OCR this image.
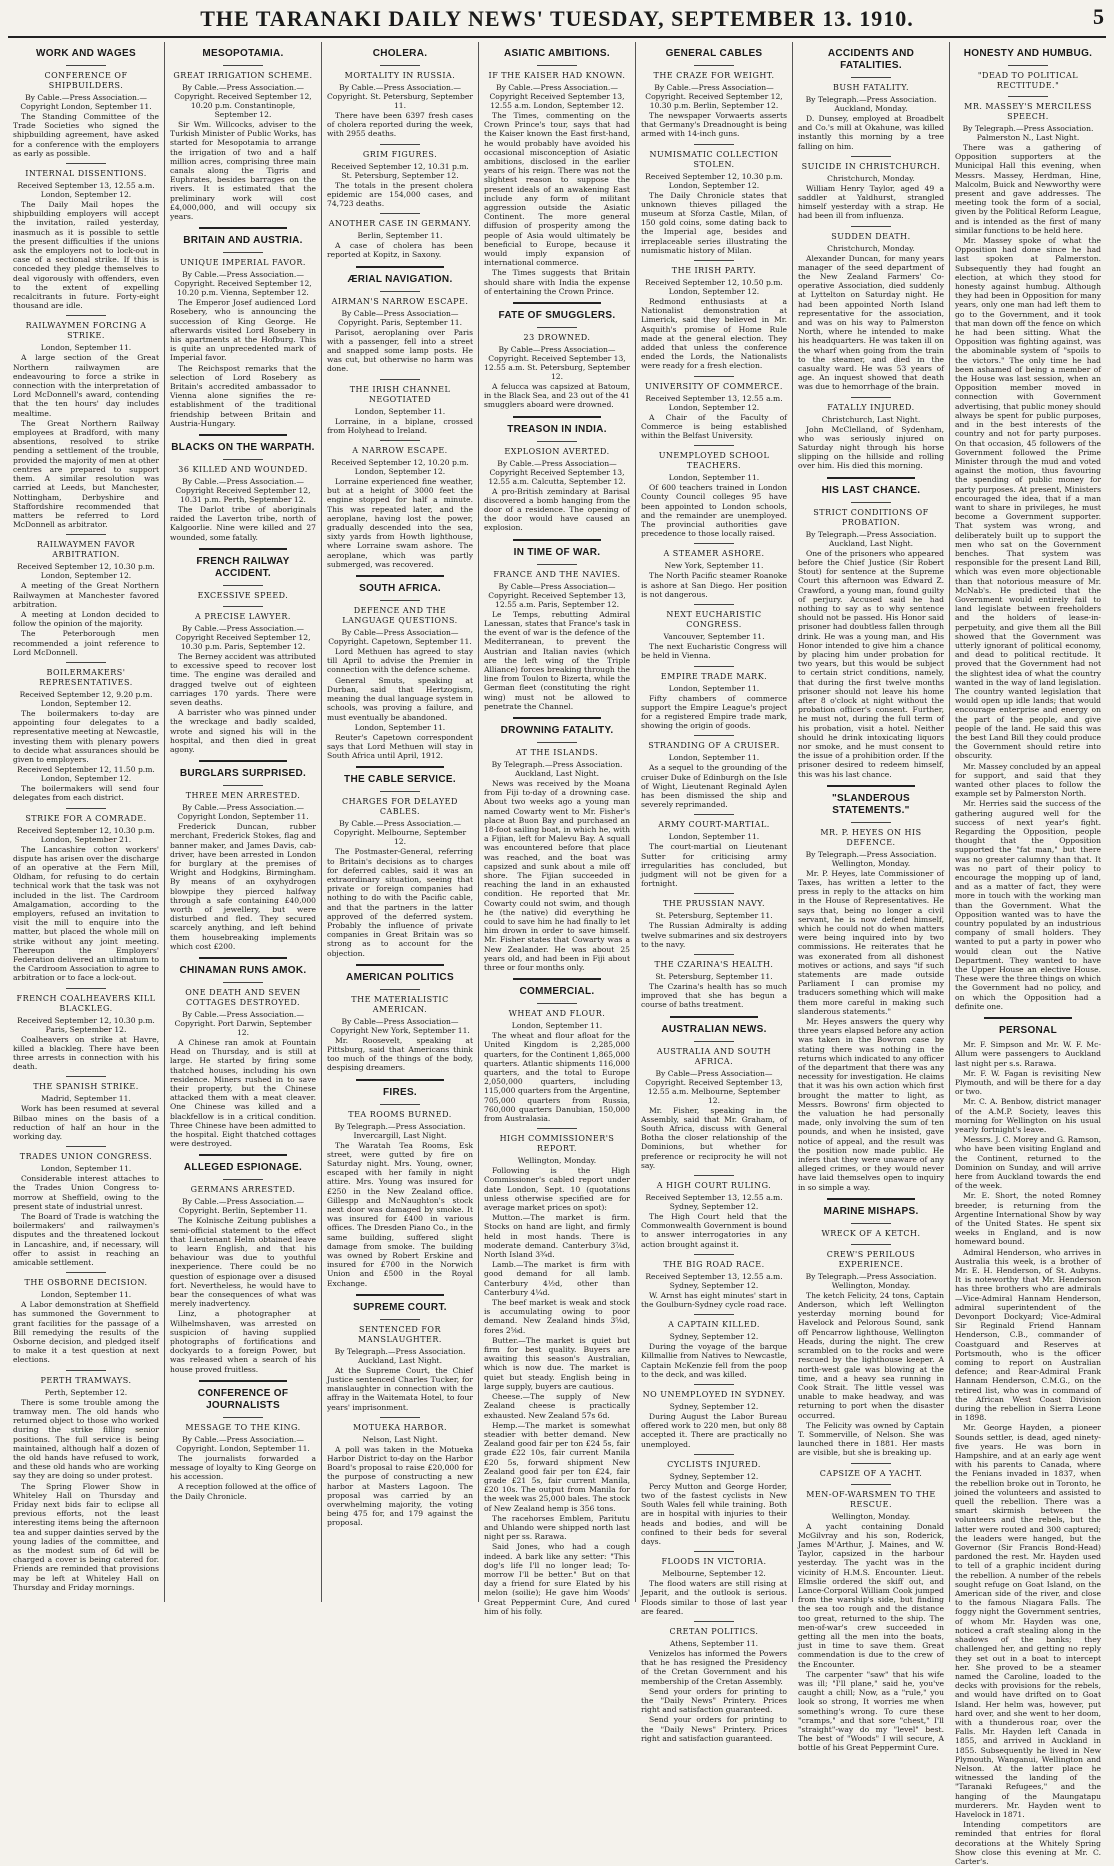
THE TARANAKI DAILY NEWS' TUESDAY, SEPTEMBER 13. 1910.	5
WORK AND WAGES
CONFERENCE OF SHIPBUILDERS.
By Cable.—Press Association.—Copyright London, September 11.
The Standing Committee of the Trade Societies who signed the shipbuilding agreement, have asked for a conference with the employers as early as possible.
INTERNAL DISSENTIONS.
Received September 13, 12.55 a.m. London, September 12.
The Daily Mail hopes the shipbuilding employers will accept the invitation, railed yesterday, inasmuch as it is possible to settle the present difficulties if the unions ask the employers not to lock-out in case of a sectional strike. If this is conceded they pledge themselves to deal vigorously with offenders, even to the extent of expelling recalcitrants in future. Forty-eight thousand are idle.
RAILWAYMEN FORCING A STRIKE.
London, September 11.
A large section of the Great Northern railwaymen are endeavouring to force a strike in connection with the interpretation of Lord McDonnell's award, contending that the ten hours' day includes mealtime.
The Great Northern Railway employees at Bradford, with many absentions, resolved to strike pending a settlement of the trouble, provided the majority of men at other centres are prepared to support them. A similar resolution was carried at Leeds, but Manchester, Nottingham, Derbyshire and Staffordshire recommended that matters be referred to Lord McDonnell as arbitrator.
RAILWAYMEN FAVOR ARBITRATION.
Received September 12, 10.30 p.m. London, September 12.
A meeting of the Great Northern Railwaymen at Manchester favored arbitration.
A meeting at London decided to follow the opinion of the majority.
The Peterborough men recommended a joint reference to Lord McDonnell.
BOILERMAKERS' REPRESENTATIVES.
Received September 12, 9.20 p.m. London, September 12.
The boilermakers to-day are appointing four delegates to a representative meeting at Newcastle, investing them with plenary powers to decide what assurances should be given to employers.
Received September 12, 11.50 p.m. London, September 12.
The boilermakers will send four delegates from each district.
STRIKE FOR A COMRADE.
Received September 12, 10.30 p.m. London, September 21.
The Lancashire cotton workers' dispute has arisen over the discharge of an operative at the Fern Mill, Oldham, for refusing to do certain technical work that the task was not included in the list. The Cardroom Amalgamation, according to the employers, refused an invitation to visit the mill to enquire into the matter, but placed the whole mill on strike without any joint meeting. Thereupon the Employers' Federation delivered an ultimatum to the Cardroom Association to agree to arbitration or to face a lock-out.
FRENCH COALHEAVERS KILL BLACKLEG.
Received September 12, 10.30 p.m. Paris, September 12.
Coalheavers on strike at Havre, killed a blackleg. There have been three arrests in connection with his death.
THE SPANISH STRIKE.
Madrid, September 11.
Work has been resumed at several Bilbao mines on the basis of a reduction of half an hour in the working day.
TRADES UNION CONGRESS.
London, September 11.
Considerable interest attaches to the Trades Union Congress to-morrow at Sheffield, owing to the present state of industrial unrest.
The Board of Trade is watching the boilermakers' and railwaymen's disputes and the threatened lockout in Lancashire, and, if necessary, will offer to assist in reaching an amicable settlement.
THE OSBORNE DECISION.
London, September 11.
A Labor demonstration at Sheffield has summoned the Government to grant facilities for the passage of a Bill remedying the results of the Osborne decision, and pledged itself to make it a test question at next elections.
PERTH TRAMWAYS.
Perth, September 12.
There is some trouble among the tramway men. The old hands who returned object to those who worked during the strike filling senior positions. The full service is being maintained, although half a dozen of the old hands have refused to work, and these old hands who are working say they are doing so under protest.
The Spring Flower Show in Whiteley Hall on Thursday and Friday next bids fair to eclipse all previous efforts, not the least interesting items being the afternoon tea and supper dainties served by the young ladies of the committee, and as the modest sum of 6d will be charged a cover is being catered for. Friends are reminded that provisions may be left at Whiteley Hall on Thursday and Friday mornings.
MESOPOTAMIA.
GREAT IRRIGATION SCHEME.
By Cable.—Press Association.—Copyright. Received September 12, 10.20 p.m. Constantinople, September 12.
Sir Wm. Willcocks, adviser to the Turkish Minister of Public Works, has started for Mesopotamia to arrange the irrigation of two and a half million acres, comprising three main canals along the Tigris and Euphrates, besides barrages on the rivers. It is estimated that the preliminary work will cost £4,000,000, and will occupy six years.
BRITAIN AND AUSTRIA.
UNIQUE IMPERIAL FAVOR.
By Cable.—Press Association.—Copyright. Received September 12, 10.20 p.m. Vienna, September 12.
The Emperor Josef audienced Lord Rosebery, who is announcing the succession of King George. He afterwards visited Lord Rosebery in his apartments at the Hofburg. This is quite an unprecedented mark of Imperial favor.
The Reichspost remarks that the selection of Lord Rosebery as Britain's accredited ambassador to Vienna alone signifies the re-establishment of the traditional friendship between Britain and Austria-Hungary.
BLACKS ON THE WARPATH.
36 KILLED AND WOUNDED.
By Cable.—Press Association.—Copyright Received September 12, 10.31 p.m. Perth, September 12.
The Darlot tribe of aboriginals raided the Laverton tribe, north of Kalgoorlie. Nine were killed and 27 wounded, some fatally.
FRENCH RAILWAY ACCIDENT.
EXCESSIVE SPEED.
A PRECISE LAWYER.
By Cable.—Press Association.—Copyright Received September 12, 10.30 p.m. Paris, September 12.
The Berney accident was attributed to excessive speed to recover lost time. The engine was derailed and dragged twelve out of eighteen carriages 170 yards. There were seven deaths.
A barrister who was pinned under the wreckage and badly scalded, wrote and signed his will in the hospital, and then died in great agony.
BURGLARS SURPRISED.
THREE MEN ARRESTED.
By Cable.—Press Association.—Copyright London, September 11.
Frederick Duncan, rubber merchant, Frederick Stokes, flag and banner maker, and James Davis, cab-driver, have been arrested in London for burglary at the premises of Wright and Hodgkins, Birmingham. By means of an oxyhydrogen blowpipe they pierced halfway through a safe containing £40,000 worth of jewellery, but were disturbed and fled. They secured scarcely anything, and left behind them housebreaking implements which cost £200.
CHINAMAN RUNS AMOK.
ONE DEATH AND SEVEN COTTAGES DESTROYED.
By Cable.—Press Association.—Copyright. Port Darwin, September 12.
A Chinese ran amok at Fountain Head on Thursday, and is still at large. He started by firing some thatched houses, including his own residence. Miners rushed in to save their property, but the Chinese attacked them with a meat cleaver. One Chinese was killed and a blackfellow is in a critical condition. Three Chinese have been admitted to the hospital. Eight thatched cottages were destroyed.
ALLEGED ESPIONAGE.
GERMANS ARRESTED.
By Cable.—Press Association.—Copyright. Berlin, September 11.
The Kolnische Zeitung publishes a semi-official statement to the effect that Lieutenant Helm obtained leave to learn English, and that his behaviour was due to youthful inexperience. There could be no question of espionage over a disused fort. Nevertheless, he would have to bear the consequences of what was merely inadvertency.
Linz, a photographer at Wilhelmshaven, was arrested on suspicion of having supplied photographs of fortifications and dockyards to a foreign Power, but was released when a search of his house proved fruitless.
CONFERENCE OF JOURNALISTS
MESSAGE TO THE KING.
By Cable.—Press Association.—Copyright. London, September 11.
The journalists forwarded a message of loyalty to King George on his accession.
A reception followed at the office of the Daily Chronicle.
CHOLERA.
MORTALITY IN RUSSIA.
By Cable.—Press Association.—Copyright. St. Petersburg, September 11.
There have been 6397 fresh cases of cholera reported during the week, with 2955 deaths.
GRIM FIGURES.
Received September 12, 10.31 p.m. St. Petersburg, September 12.
The totals in the present cholera epidemic are 154,000 cases, and 74,723 deaths.
ANOTHER CASE IN GERMANY.
Berlin, September 11.
A case of cholera has been reported at Kopitz, in Saxony.
ÆRIAL NAVIGATION.
AIRMAN'S NARROW ESCAPE.
By Cable—Press Association—Copyright. Paris, September 11.
Parisot, aeroplaning over Paris with a passenger, fell into a street and snapped some lamp posts. He was cut, but otherwise no harm was done.
THE IRISH CHANNEL NEGOTIATED
London, September 11.
Lorraine, in a biplane, crossed from Holyhead to Ireland.
A NARROW ESCAPE.
Received September 12, 10.20 p.m. London, September 12.
Lorraine experienced fine weather, but at a height of 3000 feet the engine stopped for half a minute. This was repeated later, and the aeroplane, having lost the power, gradually descended into the sea, sixty yards from Howth lighthouse, where Lorraine swam ashore. The aeroplane, which was partly submerged, was recovered.
SOUTH AFRICA.
DEFENCE AND THE LANGUAGE QUESTIONS.
By Cable—Press Association—Copyright. Capetown, September 11.
Lord Methuen has agreed to stay till April to advise the Premier in connection with the defence scheme.
General Smuts, speaking at Durban, said that Hertzogism, meaning the dual language system in schools, was proving a failure, and must eventually be abandoned.
London, September 11.
Reuter's Capetown correspondent says that Lord Methuen will stay in South Africa until April, 1912.
THE CABLE SERVICE.
CHARGES FOR DELAYED CABLES.
By Cable.—Press Association.—Copyright. Melbourne, September 12.
The Postmaster-General, referring to Britain's decisions as to charges for deferred cables, said it was an extraordinary situation, seeing that private or foreign companies had nothing to do with the Pacific cable, and that the partners in the latter approved of the deferred system. Probably the influence of private companies in Great Britain was so strong as to account for the objection.
AMERICAN POLITICS
THE MATERIALISTIC AMERICAN.
By Cable—Press Association—Copyright New York, September 11.
Mr. Roosevelt, speaking at Pittsburg, said that Americans think too much of the things of the body, despising dreamers.
FIRES.
TEA ROOMS BURNED.
By Telegraph.—Press Association. Invercargill, Last Night.
The Waratah Tea Rooms, Esk street, were gutted by fire on Saturday night. Mrs. Young, owner, escaped with her family in night attire. Mrs. Young was insured for £250 in the New Zealand office. Gillespp and McNaughton's stock next door was damaged by smoke. It was insured for £400 in various offices. The Dresden Piano Co., in the same building, suffered slight damage from smoke. The building was owned by Robert Erskine and insured for £700 in the Norwich Union and £500 in the Royal Exchange.
SUPREME COURT.
SENTENCED FOR MANSLAUGHTER.
By Telegraph.—Press Association. Auckland, Last Night.
At the Supreme Court, the Chief Justice sentenced Charles Tucker, for manslaughter in connection with the affray in the Waitemata Hotel, to four years' imprisonment.
MOTUEKA HARBOR.
Nelson, Last Night.
A poll was taken in the Motueka Harbor District to-day on the Harbor Board's proposal to raise £20,000 for the purpose of constructing a new harbor at Masters Lagoon. The proposal was carried by an overwhelming majority, the voting being 475 for, and 179 against the proposal.
ASIATIC AMBITIONS.
IF THE KAISER HAD KNOWN.
By Cable.—Press Association.—Copyright Received September 13, 12.55 a.m. London, September 12.
The Times, commenting on the Crown Prince's tour, says that had the Kaiser known the East first-hand, he would probably have avoided his occasional misconception of Asiatic ambitions, disclosed in the earlier years of his reign. There was not the slightest reason to suppose the present ideals of an awakening East include any form of militant aggression outside the Asiatic Continent. The more general diffusion of prosperity among the people of Asia would ultimately be beneficial to Europe, because it would imply expansion of international commerce.
The Times suggests that Britain should share with India the expense of entertaining the Crown Prince.
FATE OF SMUGGLERS.
23 DROWNED.
By Cable—Press Association—Copyright. Received September 13, 12.55 a.m. St. Petersburg, September 12.
A felucca was capsized at Batoum, in the Black Sea, and 23 out of the 41 smugglers aboard were drowned.
TREASON IN INDIA.
EXPLOSION AVERTED.
By Cable.—Press Association—Copyright Received September 13, 12.55 a.m. Calcutta, September 12.
A pro-British zemindary at Barisal discovered a bomb hanging from the door of a residence. The opening of the door would have caused an explosion.
IN TIME OF WAR.
FRANCE AND THE NAVIES.
By Cable—Press Association—Copyright. Received September 13, 12.55 a.m. Paris, September 12.
Le Temps, rebutting Admiral Lanessan, states that France's task in the event of war is the defence of the Mediterranean, to prevent the Austrian and Italian navies (which are the left wing of the Triple Alliance) forces breaking through the line from Toulon to Bizerta, while the German fleet (constituting the right wing) must not be allowed to penetrate the Channel.
DROWNING FATALITY.
AT THE ISLANDS.
By Telegraph.—Press Association. Auckland, Last Night.
News was received by the Moana from Fiji to-day of a drowning case. About two weeks ago a young man named Cowarty went to Mr. Fisher's place at Buon Bay and purchased an 18-foot sailing boat, in which he, with a Fijian, left for Malevu Bay. A squall was encountered before that place was reached, and the boat was capsized and sunk about a mile off shore. The Fijian succeeded in reaching the land in an exhausted condition. He reported that Mr. Cowarty could not swim, and though he (the native) did everything he could to save him he had finally to let him drown in order to save himself. Mr. Fisher states that Cowarty was a New Zealander. He was about 25 years old, and had been in Fiji about three or four months only.
COMMERCIAL.
WHEAT AND FLOUR.
London, September 11.
The wheat and flour afloat for the United Kingdom is 2,285,000 quarters, for the Continent 1,865,000 quarters. Atlantic shipments 116,000 quarters, and the total to Europe 2,050,000 quarters, including 115,000 quarters from the Argentine, 705,000 quarters from Russia, 760,000 quarters Danubian, 150,000 from Australasia.
HIGH COMMISSIONER'S REPORT.
Wellington, Monday.
Following is the High Commissioner's cabled report under date London, Sept. 10 (quotations unless otherwise specified are for average market prices on spot):
Mutton.—The market is firm. Stocks on hand are light, and firmly held in most hands. There is moderate demand. Canterbury 3⅞d, North Island 3¾d.
Lamb.—The market is firm with good demand for all lamb. Canterbury 4½d, other than Canterbury 4¼d.
The beef market is weak and stock is accumulating owing to poor demand. New Zealand hinds 3⅝d, fores 2⅝d.
Butter.—The market is quiet but firm for best quality. Buyers are awaiting this season's Australian, which is now due. The market is quiet but steady. English being in large supply, buyers are cautious.
Cheese.—The supply of New Zealand cheese is practically exhausted. New Zealand 57s 6d.
Hemp.—The market is somewhat steadier with better demand. New Zealand good fair per ton £24 5s, fair grade £22 10s, fair current Manila £20 5s, forward shipment New Zealand good fair per ton £24, fair grade £21 5s, fair current Manila, £20 10s. The output from Manila for the week was 25,000 bales. The stock of New Zealand hemp is 356 tons.
The racehorses Emblem, Paritutu and Uhlando were shipped north last night per ss. Rarawa.
Said Jones, who had a cough indeed. A bark like any setter: "This dog's life I'll no longer lead; To-morrow I'll be better." But on that day a friend for sure Elated by his melon (soilie); He gave him Woods' Great Peppermint Cure, And cured him of his folly.
GENERAL CABLES
THE CRAZE FOR WEIGHT.
By Cable.—Press Association—Copyright. Received September 12, 10.30 p.m. Berlin, September 12.
The newspaper Vorwaerts asserts that Germany's Dreadnought is being armed with 14-inch guns.
NUMISMATIC COLLECTION STOLEN.
Received September 12, 10.30 p.m. London, September 12.
The Daily Chronicle states that unknown thieves pillaged the museum at Sforza Castle, Milan, of 150 gold coins, some dating back to the Imperial age, besides and irreplaceable series illustrating the numismatic history of Milan.
THE IRISH PARTY.
Received September 12, 10.50 p.m. London, September 12.
Redmond enthusiasts at a Nationalist demonstration at Limerick, said they believed in Mr. Asquith's promise of Home Rule made at the general election. They added that unless the conference ended the Lords, the Nationalists were ready for a fresh election.
UNIVERSITY OF COMMERCE.
Received September 13, 12.55 a.m. London, September 12.
A Chair of the Faculty of Commerce is being established within the Belfast University.
UNEMPLOYED SCHOOL TEACHERS.
London, September 11.
Of 600 teachers trained in London County Council colleges 95 have been appointed to London schools, and the remainder are unemployed. The provincial authorities gave precedence to those locally raised.
A STEAMER ASHORE.
New York, September 11.
The North Pacific steamer Roanoke is ashore at San Diego. Her position is not dangerous.
NEXT EUCHARISTIC CONGRESS.
Vancouver, September 11.
The next Eucharistic Congress will be held in Vienna.
EMPIRE TRADE MARK.
London, September 11.
Fifty chambers of commerce support the Empire League's project for a registered Empire trade mark, showing the origin of goods.
STRANDING OF A CRUISER.
London, September 11.
As a sequel to the grounding of the cruiser Duke of Edinburgh on the Isle of Wight, Lieutenant Reginald Aylen has been dismissed the ship and severely reprimanded.
ARMY COURT-MARTIAL.
London, September 11.
The court-martial on Lieutenant Sutter for criticising army irregularities has concluded, but judgment will not be given for a fortnight.
THE PRUSSIAN NAVY.
St. Petersburg, September 11.
The Russian Admiralty is adding twelve submarines and six destroyers to the navy.
THE CZARINA'S HEALTH.
St. Petersburg, September 11.
The Czarina's health has so much improved that she has begun a course of baths treatment.
AUSTRALIAN NEWS.
AUSTRALIA AND SOUTH AFRICA.
By Cable—Press Association—Copyright. Received September 13, 12.55 a.m. Melbourne, September 12.
Mr. Fisher, speaking in the Assembly, said that Mr. Graham, of South Africa, discuss with General Botha the closer relationship of the Dominions, but whether for preference or reciprocity he will not say.
A HIGH COURT RULING.
Received September 13, 12.55 a.m. Sydney, September 12.
The High Court held that the Commonwealth Government is bound to answer interrogatories in any action brought against it.
THE BIG ROAD RACE.
Received September 13, 12.55 a.m. Sydney, September 12.
W. Arnst has eight minutes' start in the Goulburn-Sydney cycle road race.
A CAPTAIN KILLED.
Sydney, September 12.
During the voyage of the barque Killmallie from Natives to Newcastle, Captain McKenzie fell from the poop to the deck, and was killed.
NO UNEMPLOYED IN SYDNEY.
Sydney, September 12.
During August the Labor Bureau offered work to 220 men, but only 88 accepted it. There are practically no unemployed.
CYCLISTS INJURED.
Sydney, September 12.
Percy Mutton and George Horder, two of the fastest cyclists in New South Wales fell while training. Both are in hospital with injuries to their heads and bodies, and will be confined to their beds for several days.
FLOODS IN VICTORIA.
Melbourne, September 12.
The flood waters are still rising at Jeparit, and the outlook is serious. Floods similar to those of last year are feared.
CRETAN POLITICS.
Athens, September 11.
Venizelos has informed the Powers that he has resigned the Presidency of the Cretan Government and his membership of the Cretan Assembly.
Send your orders for printing to the "Daily News" Printery. Prices right and satisfaction guaranteed.
Send your orders for printing to the "Daily News" Printery. Prices right and satisfaction guaranteed.
ACCIDENTS AND FATALITIES.
BUSH FATALITY.
By Telegraph.—Press Association. Auckland, Monday.
D. Dunsey, employed at Broadbelt and Co.'s mill at Okahune, was killed instantly this morning by a tree falling on him.
SUICIDE IN CHRISTCHURCH.
Christchurch, Monday.
William Henry Taylor, aged 49 a saddler at Yaldhurst, strangled himself yesterday with a strap. He had been ill from influenza.
SUDDEN DEATH.
Christchurch, Monday.
Alexander Duncan, for many years manager of the seed department of the New Zealand Farmers' Co-operative Association, died suddenly at Lyttelton on Saturday night. He had been appointed North Island representative for the association, and was on his way to Palmerston North, where he intended to make his headquarters. He was taken ill on the wharf when going from the train to the steamer, and died in the casualty ward. He was 53 years of age. An inquest showed that death was due to hemorrhage of the brain.
FATALLY INJURED.
Christchurch, Last Night.
John McClelland, of Sydenham, who was seriously injured on Saturday night through his horse slipping on the hillside and rolling over him. His died this morning.
HIS LAST CHANCE.
STRICT CONDITIONS OF PROBATION.
By Telegraph.—Press Association. Auckland, Last Night.
One of the prisoners who appeared before the Chief Justice (Sir Robert Stout) for sentence at the Supreme Court this afternoon was Edward Z. Crawford, a young man, found guilty of perjury. Accused said he had nothing to say as to why sentence should not be passed. His Honor said prisoner had doubtless fallen through drink. He was a young man, and His Honor intended to give him a chance by placing him under probation for two years, but this would be subject to certain strict conditions, namely, that during the first twelve months prisoner should not leave his home after 8 o'clock at night without the probation officer's consent. Further, he must not, during the full term of his probation, visit a hotel. Neither should he drink intoxicating liquors nor smoke, and he must consent to the issue of a prohibition order. If the prisoner desired to redeem himself, this was his last chance.
"SLANDEROUS STATEMENTS."
MR. P. HEYES ON HIS DEFENCE.
By Telegraph.—Press Association. Wellington, Monday.
Mr. P. Heyes, late Commissioner of Taxes, has written a letter to the press in reply to the attacks on him in the House of Representatives. He says that, being no longer a civil servant, he is now defend himself, which he could not do when matters were being inquired into by two commissions. He reiterates that he was exonerated from all dishonest motives or actions, and says "if such statements are made outside Parliament I can promise my traducers something which will make them more careful in making such slanderous statements."
Mr. Heyes answers the query why three years elapsed before any action was taken in the Bowron case by stating there was nothing in the returns which indicated to any officer of the department that there was any necessity for investigation. He claims that it was his own action which first brought the matter to light, as Messrs. Bowrons' firm objected to the valuation he had personally made, only involving the sum of ten pounds, and when he insisted, gave notice of appeal, and the result was the position now made public. He infers that they were unaware of any alleged crimes, or they would never have laid themselves open to inquiry in so simple a way.
MARINE MISHAPS.
WRECK OF A KETCH.
CREW'S PERILOUS EXPERIENCE.
By Telegraph.—Press Association. Wellington, Monday.
The ketch Felicity, 24 tons, Captain Anderson, which left Wellington yesterday morning bound for Havelock and Pelorous Sound, sank off Pencarrow lighthouse, Wellington Heads, during the night. The crew scrambled on to the rocks and were rescued by the lighthouse keeper. A north-west gale was blowing at the time, and a heavy sea running in Cook Strait. The little vessel was unable to make headway, and was returning to port when the disaster occurred.
The Felicity was owned by Captain T. Sommerville, of Nelson. She was launched there in 1881. Her masts are visible, but she is breaking up.
CAPSIZE OF A YACHT.
MEN-OF-WARSMEN TO THE RESCUE.
Wellington, Monday.
A yacht containing Donald McGilvray and his son, Roderick, James M'Arthur, J. Maines, and W. Taylor, capsized in the harbour yesterday. The yacht was in the vicinity of H.M.S. Encounter. Lieut. Elmslie ordered the skiff out, and Lance-Corporal William Cook jumped from the warship's side, but finding the sea too rough and the distance too great, returned to the ship. The men-of-war's crew succeeded in getting all the men into the boats, just in time to save them. Great commendation is due to the crew of the Encounter.
The carpenter "saw" that his wife was ill; "I'll plane," said he, you've caught a chill; Now, as a "rule," you look so strong, It worries me when something's wrong. To cure these "cramps," and that sore "chest," I'll "straight"-way do my "level" best. The best of "Woods" I will secure, A bottle of his Great Peppermint Cure.
HONESTY AND HUMBUG.
"DEAD TO POLITICAL RECTITUDE."
MR. MASSEY'S MERCILESS SPEECH.
By Telegraph.—Press Association. Palmerston N., Last Night.
There was a gathering of Opposition supporters at the Municipal Hall this evening, when Messrs. Massey, Herdman, Hine, Malcolm, Buick and Newworthy were present and gave addresses. The meeting took the form of a social, given by the Political Reform League, and is intended as the first of many similar functions to be held here.
Mr. Massey spoke of what the Opposition had done since he had last spoken at Palmerston. Subsequently they had fought an election, at which they stood for honesty against humbug. Although they had been in Opposition for many years, only one man had left them to go to the Government, and it took that man down off the fence on which he had been sitting. What the Opposition was fighting against, was the abominable system of "spoils to the victors." The only time he had been ashamed of being a member of the House was last session, when an Opposition member moved in connection with Government advertising, that public money should always be spent for public purposes, and in the best interests of the country and not for party purposes. On that occasion, 45 followers of the Government followed the Prime Minister through the mud and voted against the motion, thus favouring the spending of public money for party purposes. At present, Ministers encouraged the idea, that if a man want to share in privileges, he must become a Government supporter. That system was wrong, and deliberately built up to support the men who sat on the Government benches. That system was responsible for the present Land Bill, which was even more objectionable than that notorious measure of Mr. McNab's. He predicted that the Government would entirely fail to land legislate between freeholders and the holders of lease-in-perpetuity, and give them all the Bill showed that the Government was utterly ignorant of political economy, and dead to political rectitude. It proved that the Government had not the slightest idea of what the country wanted in the way of land legislation. The country wanted legislation that would open up idle lands; that would encourage enterprise and energy on the part of the people, and give people of the land. He said this was the best Land Bill they could produce the Government should retire into obscurity.
Mr. Massey concluded by an appeal for support, and said that they wanted other places to follow the example set by Palmerston North.
Mr. Herries said the success of the gathering augured well for the success of next year's fight. Regarding the Opposition, people thought that the Opposition supported the "fat man," but there was no greater calumny than that. It was no part of their policy to encourage the mopping up of land, and as a matter of fact, they were more in touch with the working man than the Government. What the Opposition wanted was to have the country populated by an industrious company of small holders. They wanted to put a party in power who would clean out the Native Department. They wanted to have the Upper House an elective House. These were the three things on which the Government had no policy, and on which the Opposition had a definite one.
PERSONAL
Mr. F. Simpson and Mr. W. F. Mc-Allum were passengers to Auckland last night per s.s. Rarawa.
Mr. F. W. Fagan is revisiting New Plymouth, and will be there for a day or two.
Mr. C. A. Benbow, district manager of the A.M.P. Society, leaves this morning for Wellington on his usual yearly fortnight's leave.
Messrs. J. C. Morey and G. Ramson, who have been visiting England and the Continent, returned to the Dominion on Sunday, and will arrive here from Auckland towards the end of the week.
Mr. E. Short, the noted Romney breeder, is returning from the Argentine International Show by way of the United States. He spent six weeks in England, and is now homeward bound.
Admiral Henderson, who arrives in Australia this week, is a brother of Mr. E. H. Henderson, of St. Aubyns. It is noteworthy that Mr. Henderson has three brothers who are admirals—Vice-Admiral Hannam Henderson, admiral superintendent of the Devonport Dockyard; Vice-Admiral Sir Reginald Friend Hannam Henderson, C.B., commander of Coastguard and Reserves at Portsmouth, who is the officer coming to report on Australian defence; and Rear-Admiral Frank Hannam Henderson, C.M.G., on the retired list, who was in command of the African West Coast Division during the rebellion in Sierra Leone in 1898.
Mr. George Hayden, a pioneer Sounds settler, is dead, aged ninety-five years. He was born in Hampshire, and at an early age went with his parents to Canada, where the Fenians invaded in 1837, when the rebellion broke out in Toronto, he joined the volunteers and assisted to quell the rebellion. There was a smart skirmish between the volunteers and the rebels, but the latter were routed and 300 captured; the leaders were hanged, but the Governor (Sir Francis Bond-Head) pardoned the rest. Mr. Hayden used to tell of a graphic incident during the rebellion. A number of the rebels sought refuge on Goat Island, on the American side of the river, and close to the famous Niagara Falls. The foggy night the Government sentries, of whom Mr. Hayden was one, noticed a craft stealing along in the shadows of the banks; they challenged her, and getting no reply they set out in a boat to intercept her. She proved to be a steamer named the Caroline, loaded to the decks with provisions for the rebels, and would have drifted on to Goat Island. Her helm was, however, put hard over, and she went to her doom, with a thunderous roar, over the Falls. Mr. Hayden left Canada in 1855, and arrived in Auckland in 1855. Subsequently he lived in New Plymouth, Wanganui, Wellington and Nelson. At the latter place he witnessed the landing of the "Taranaki Refugees," and the hanging of the Maungatapu murderers. Mr. Hayden went to Havelock in 1871.
Intending competitors are reminded that entries for floral decorations at the Whitely Spring Show close this evening at Mr. C. Carter's.
